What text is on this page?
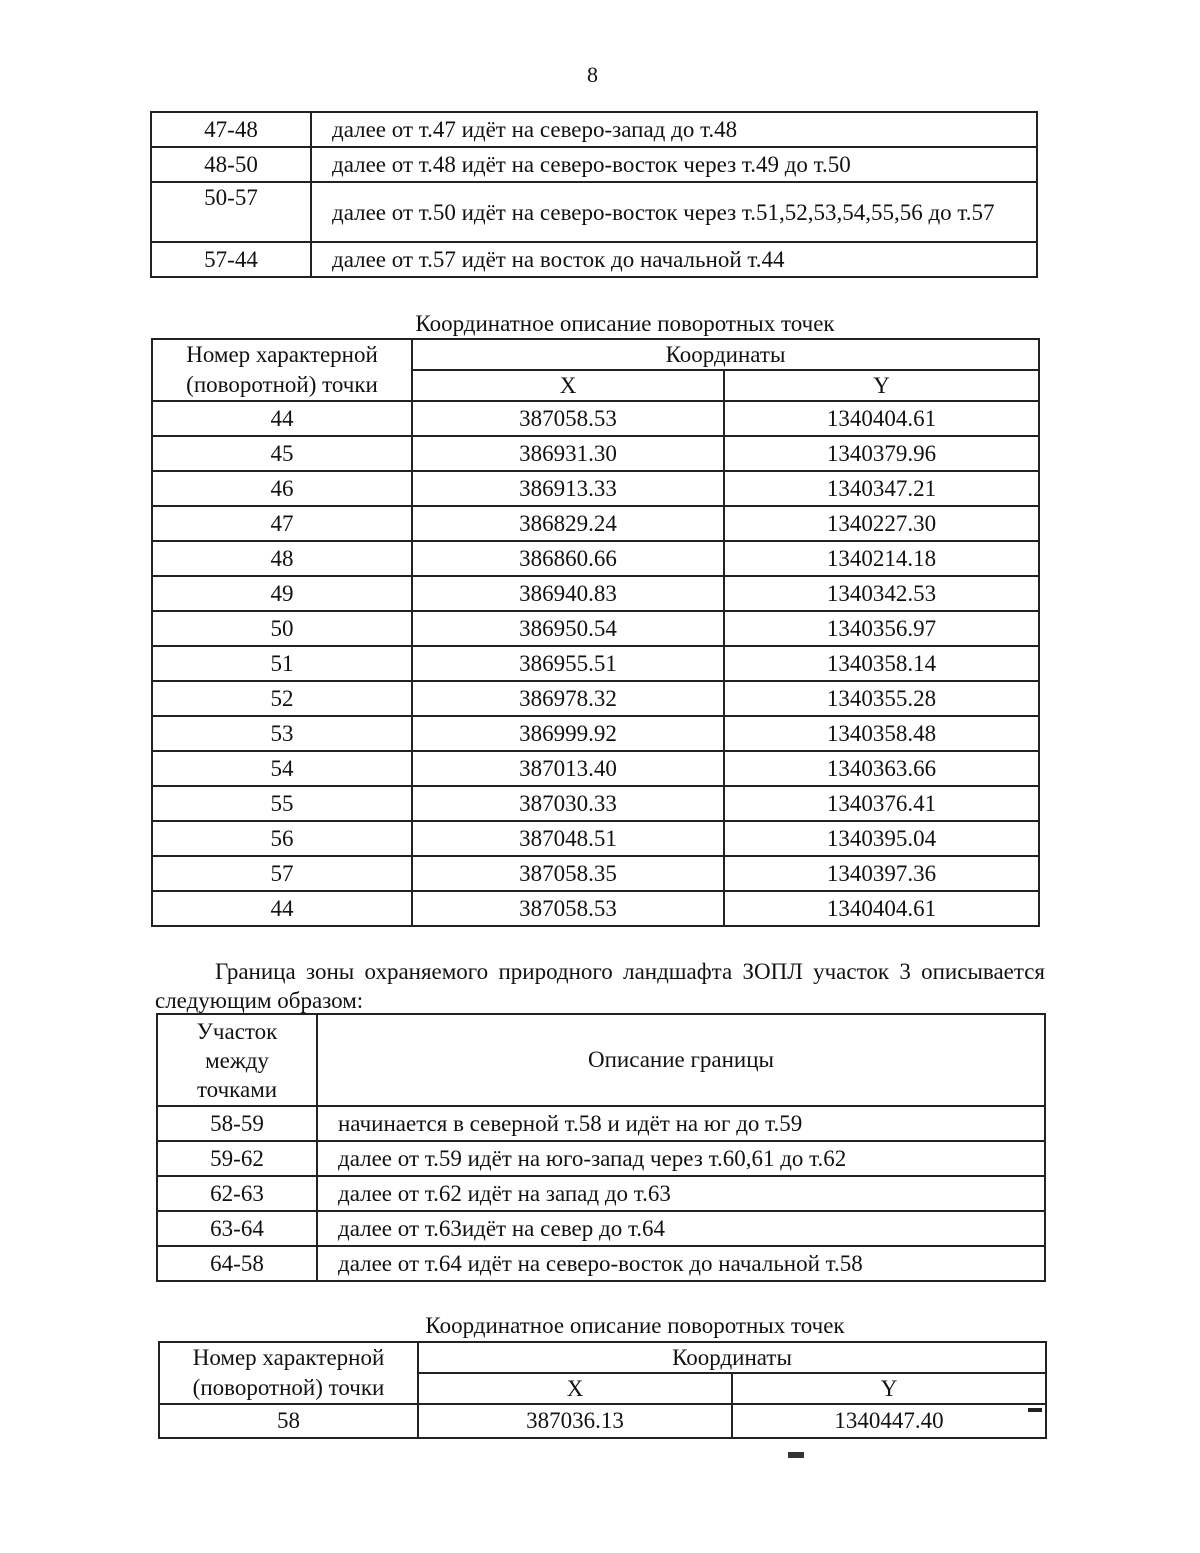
8
47-48	далее от т.47 идёт на северо-запад до т.48
48-50	далее от т.48 идёт на северо-восток через т.49 до т.50
50-57	далее от т.50 идёт на северо-восток через т.51,52,53,54,55,56 до т.57
57-44	далее от т.57 идёт на восток до начальной т.44
Координатное описание поворотных точек
Номер характерной
(поворотной) точки	Координаты	
	X	Y
44	387058.53	1340404.61
45	386931.30	1340379.96
46	386913.33	1340347.21
47	386829.24	1340227.30
48	386860.66	1340214.18
49	386940.83	1340342.53
50	386950.54	1340356.97
51	386955.51	1340358.14
52	386978.32	1340355.28
53	386999.92	1340358.48
54	387013.40	1340363.66
55	387030.33	1340376.41
56	387048.51	1340395.04
57	387058.35	1340397.36
44	387058.53	1340404.61
Граница зоны охраняемого природного ландшафта ЗОПЛ участок 3 описывается следующим образом:
Участок
между
точками	Описание границы
58-59	начинается в северной т.58 и идёт на юг до т.59
59-62	далее от т.59 идёт на юго-запад через т.60,61 до т.62
62-63	далее от т.62 идёт на запад до т.63
63-64	далее от т.63идёт на север до т.64
64-58	далее от т.64 идёт на северо-восток до начальной т.58
Координатное описание поворотных точек
Номер характерной
(поворотной) точки	Координаты	
	X	Y
58	387036.13	1340447.40
